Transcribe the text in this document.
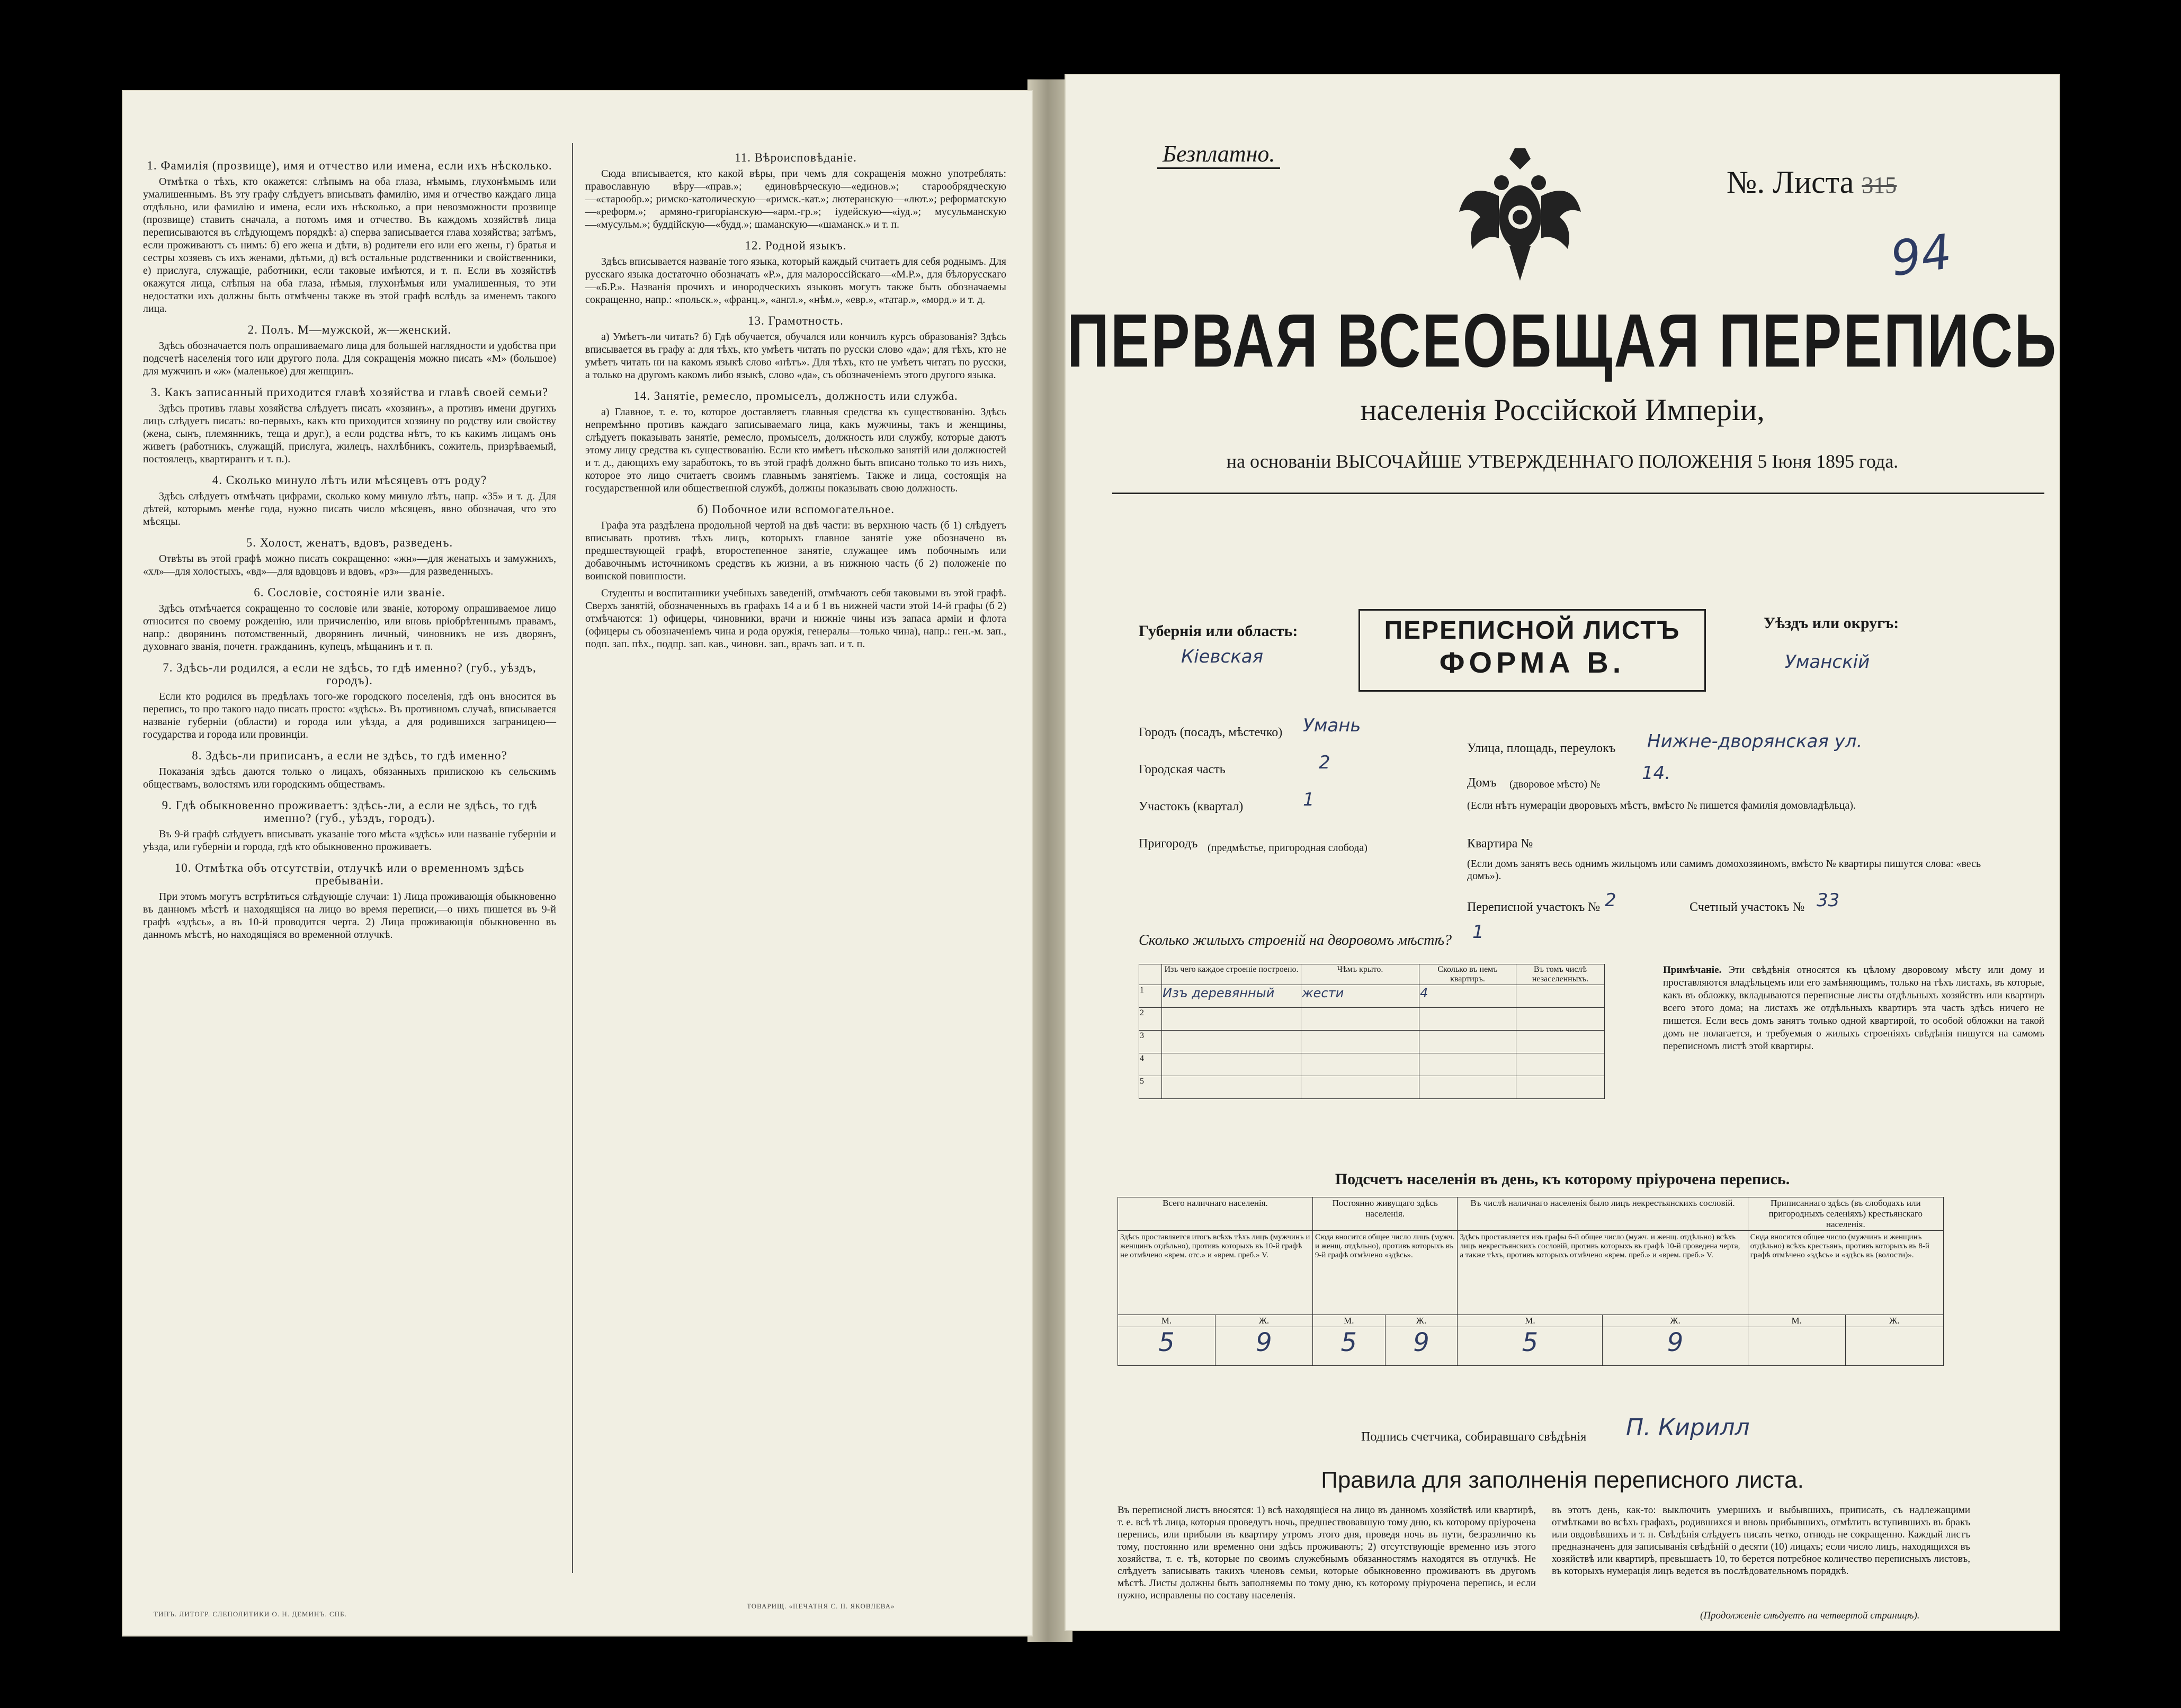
1. Фамилія (прозвище), имя и отчество или имена, если ихъ нѣсколько.

Отмѣтка о тѣхъ, кто окажется: слѣпымъ на оба глаза, нѣмымъ, глухонѣмымъ или умалишеннымъ. Въ эту графу слѣдуетъ вписывать фамилію, имя и отчество каждаго лица отдѣльно, или фамилію и имена, если ихъ нѣсколько, а при невозможности прозвище (прозвище) ставить сначала, а потомъ имя и отчество. Въ каждомъ хозяйствѣ лица переписываются въ слѣдующемъ порядкѣ: а) сперва записывается глава хозяйства; затѣмъ, если проживаютъ съ нимъ: б) его жена и дѣти, в) родители его или его жены, г) братья и сестры хозяевъ съ ихъ женами, дѣтьми, д) всѣ остальные родственники и свойственники, е) прислуга, служащіе, работники, если таковые имѣются, и т. п. Если въ хозяйствѣ окажутся лица, слѣпыя на оба глаза, нѣмыя, глухонѣмыя или умалишенныя, то эти недостатки ихъ должны быть отмѣчены также въ этой графѣ вслѣдъ за именемъ такого лица.

2. Полъ. М—мужской, ж—женский.

Здѣсь обозначается полъ опрашиваемаго лица для большей наглядности и удобства при подсчетѣ населенія того или другого пола. Для сокращенія можно писать «М» (большое) для мужчинъ и «ж» (маленькое) для женщинъ.

3. Какъ записанный приходится главѣ хозяйства и главѣ своей семьи?

Здѣсь противъ главы хозяйства слѣдуетъ писать «хозяинъ», а противъ имени другихъ лицъ слѣдуетъ писать: во-первыхъ, какъ кто приходится хозяину по родству или свойству (жена, сынъ, племянникъ, теща и друг.), а если родства нѣтъ, то къ какимъ лицамъ онъ живетъ (работникъ, служащій, прислуга, жилецъ, нахлѣбникъ, сожитель, призрѣваемый, постоялецъ, квартирантъ и т. п.).

4. Сколько минуло лѣтъ или мѣсяцевъ отъ роду?

Здѣсь слѣдуетъ отмѣчать цифрами, сколько кому минуло лѣтъ, напр. «35» и т. д. Для дѣтей, которымъ менѣе года, нужно писать число мѣсяцевъ, явно обозначая, что это мѣсяцы.

5. Холост, женатъ, вдовъ, разведенъ.

Отвѣты въ этой графѣ можно писать сокращенно: «жн»—для женатыхъ и замужнихъ, «хл»—для холостыхъ, «вд»—для вдовцовъ и вдовъ, «рз»—для разведенныхъ.

6. Сословіе, состояніе или званіе.

Здѣсь отмѣчается сокращенно то сословіе или званіе, которому опрашиваемое лицо относится по своему рожденію, или причисленію, или вновь пріобрѣтеннымъ правамъ, напр.: дворянинъ потомственный, дворянинъ личный, чиновникъ не изъ дворянъ, духовнаго званія, почетн. гражданинъ, купецъ, мѣщанинъ и т. п.

7. Здѣсь-ли родился, а если не здѣсь, то гдѣ именно? (губ., уѣздъ, городъ).

Если кто родился въ предѣлахъ того-же городского поселенія, гдѣ онъ вносится въ перепись, то про такого надо писать просто: «здѣсь». Въ противномъ случаѣ, вписывается названіе губерніи (области) и города или уѣзда, а для родившихся заграницею—государства и города или провинціи.

8. Здѣсь-ли приписанъ, а если не здѣсь, то гдѣ именно?

Показанія здѣсь даются только о лицахъ, обязанныхъ припискою къ сельскимъ обществамъ, волостямъ или городскимъ обществамъ.

9. Гдѣ обыкновенно проживаетъ: здѣсь-ли, а если не здѣсь, то гдѣ именно? (губ., уѣздъ, городъ).

Въ 9-й графѣ слѣдуетъ вписывать указаніе того мѣста «здѣсь» или названіе губерніи и уѣзда, или губерніи и города, гдѣ кто обыкновенно проживаетъ.

10. Отмѣтка объ отсутствіи, отлучкѣ или о временномъ здѣсь пребываніи.

При этомъ могутъ встрѣтиться слѣдующіе случаи: 1) Лица проживающія обыкновенно въ данномъ мѣстѣ и находящіяся на лицо во время переписи,—о нихъ пишется въ 9-й графѣ «здѣсь», а въ 10-й проводится черта. 2) Лица проживающія обыкновенно въ данномъ мѣстѣ, но находящіяся во временной отлучкѣ.

11. Вѣроисповѣданіе.

Сюда вписывается, кто какой вѣры, при чемъ для сокращенія можно употреблять: православную вѣру—«прав.»; единовѣрческую—«единов.»; старообрядческую—«старообр.»; римско-католическую—«римск.-кат.»; лютеранскую—«лют.»; реформатскую—«реформ.»; армяно-григоріанскую—«арм.-гр.»; іудейскую—«іуд.»; мусульманскую—«мусульм.»; буддійскую—«будд.»; шаманскую—«шаманск.» и т. п.

12. Родной языкъ.

Здѣсь вписывается названіе того языка, который каждый считаетъ для себя роднымъ. Для русскаго языка достаточно обозначать «Р.», для малороссійскаго—«М.Р.», для бѣлорусскаго—«Б.Р.». Названія прочихъ и инородческихъ языковъ могутъ также быть обозначаемы сокращенно, напр.: «польск.», «франц.», «англ.», «нѣм.», «евр.», «татар.», «морд.» и т. д.

13. Грамотность.

а) Умѣетъ-ли читать? б) Гдѣ обучается, обучался или кончилъ курсъ образованія? Здѣсь вписывается въ графу а: для тѣхъ, кто умѣетъ читать по русски слово «да»; для тѣхъ, кто не умѣетъ читать ни на какомъ языкѣ слово «нѣтъ». Для тѣхъ, кто не умѣетъ читать по русски, а только на другомъ какомъ либо языкѣ, слово «да», съ обозначеніемъ этого другого языка.

14. Занятіе, ремесло, промыселъ, должность или служба.

а) Главное, т. е. то, которое доставляетъ главныя средства къ существованію. Здѣсь непремѣнно противъ каждаго записываемаго лица, какъ мужчины, такъ и женщины, слѣдуетъ показывать занятіе, ремесло, промыселъ, должность или службу, которые даютъ этому лицу средства къ существованію. Если кто имѣетъ нѣсколько занятій или должностей и т. д., дающихъ ему заработокъ, то въ этой графѣ должно быть вписано только то изъ нихъ, которое это лицо считаетъ своимъ главнымъ занятіемъ. Также и лица, состоящія на государственной или общественной службѣ, должны показывать свою должность.

б) Побочное или вспомогательное.

Графа эта раздѣлена продольной чертой на двѣ части: въ верхнюю часть (б 1) слѣдуетъ вписывать противъ тѣхъ лицъ, которыхъ главное занятіе уже обозначено въ предшествующей графѣ, второстепенное занятіе, служащее имъ побочнымъ или добавочнымъ источникомъ средствъ къ жизни, а въ нижнюю часть (б 2) положеніе по воинской повинности.

Студенты и воспитанники учебныхъ заведеній, отмѣчаютъ себя таковыми въ этой графѣ. Сверхъ занятій, обозначенныхъ въ графахъ 14 а и б 1 въ нижней части этой 14-й графы (б 2) отмѣчаются: 1) офицеры, чиновники, врачи и нижніе чины изъ запаса арміи и флота (офицеры съ обозначеніемъ чина и рода оружія, генералы—только чина), напр.: ген.-м. зап., подп. зап. пѣх., подпр. зап. кав., чиновн. зап., врачъ зап. и т. п.

ТИПЪ. ЛИТОГР. СЛЕПОЛИТИКИ О. Н. ДЕМИНЪ. СПБ.
ТОВАРИЩ. «ПЕЧАТНЯ С. П. ЯКОВЛЕВА»
Безплатно.
№. Листа 315
94
ПЕРВАЯ ВСЕОБЩАЯ ПЕРЕПИСЬ
населенія Россійской Имперіи,
на основаніи ВЫСОЧАЙШЕ УТВЕРЖДЕННАГО ПОЛОЖЕНІЯ 5 Іюня 1895 года.
Губернія или область:
Кіевская
ПЕРЕПИСНОЙ ЛИСТЪ
ФОРМА В.
Уѣздъ или округъ:
Уманскій
Городъ (посадъ, мѣстечко) Умань
Городская часть	2
Участокъ (квартал)	1
Пригородъ (предмѣстье, пригородная слобода)
Улица, площадь, переулокъ Нижне-дворянская ул.
Домъ (дворовое мѣсто) №
14.
(Если нѣтъ нумераціи дворовыхъ мѣстъ, вмѣсто № пишется фамилія домовладѣльца).
Квартира №
(Если домъ занятъ весь однимъ жильцомъ или самимъ домохозяиномъ, вмѣсто № квартиры пишутся слова: «весь домъ»).
Переписной участокъ № 2	Счетный участокъ № 33
Сколько жилыхъ строеній на дворовомъ мѣстѣ? 1
	Изъ чего каждое строеніе построено.	Чѣмъ крыто.	Сколько въ немъ квартиръ.	Въ томъ числѣ незаселенныхъ.
1	Изъ деревянный	жести	4	
2				
3				
4				
5				
Примѣчаніе. Эти свѣдѣнія относятся къ цѣлому дворовому мѣсту или дому и проставляются владѣльцемъ или его замѣняющимъ, только на тѣхъ листахъ, въ которые, какъ въ обложку, вкладываются переписные листы отдѣльныхъ хозяйствъ или квартиръ всего этого дома; на листахъ же отдѣльныхъ квартиръ эта часть здѣсь ничего не пишется. Если весь домъ занятъ только одной квартирой, то особой обложки на такой домъ не полагается, и требуемыя о жилыхъ строеніяхъ свѣдѣнія пишутся на самомъ переписномъ листѣ этой квартиры.
Подсчетъ населенія въ день, къ которому пріурочена перепись.
Всего наличнаго населенія.		Постоянно живущаго здѣсь населенія.		Въ числѣ наличнаго населенія было лицъ некрестьянскихъ сословій.		Приписаннаго здѣсь (въ слободахъ или пригородныхъ селеніяхъ) крестьянскаго населенія.	
Здѣсь проставляется итогъ всѣхъ тѣхъ лицъ (мужчинъ и женщинъ отдѣльно), противъ которыхъ въ 10-й графѣ не отмѣчено «врем. отс.» и «врем. преб.» V.		Сюда вносится общее число лицъ (мужч. и женщ. отдѣльно), противъ которыхъ въ 9-й графѣ отмѣчено «здѣсь».		Здѣсь проставляется изъ графы 6-й общее число (мужч. и женщ. отдѣльно) всѣхъ лицъ некрестьянскихъ сословій, противъ которыхъ въ графѣ 10-й проведена черта, а также тѣхъ, противъ которыхъ отмѣчено «врем. преб.» и «врем. преб.» V.		Сюда вносится общее число (мужчинъ и женщинъ отдѣльно) всѣхъ крестьянъ, противъ которыхъ въ 8-й графѣ отмѣчено «здѣсь» и «здѣсь въ (волости)».	
М.	Ж.	М.	Ж.	М.	Ж.	М.	Ж.
5	9	5	9	5	9		
Подпись счетчика, собиравшаго свѣдѣнія П. Кирилл
Правила для заполненія переписного листа.
Въ переписной листъ вносятся: 1) всѣ находящіеся на лицо въ данномъ хозяйствѣ или квартирѣ, т. е. всѣ тѣ лица, которыя проведутъ ночь, предшествовавшую тому дню, къ которому пріурочена перепись, или прибыли въ квартиру утромъ этого дня, проведя ночь въ пути, безразлично къ тому, постоянно или временно они здѣсь проживаютъ; 2) отсутствующіе временно изъ этого хозяйства, т. е. тѣ, которые по своимъ служебнымъ обязанностямъ находятся въ отлучкѣ. Не слѣдуетъ записывать такихъ членовъ семьи, которые обыкновенно проживаютъ въ другомъ мѣстѣ. Листы должны быть заполняемы по тому дню, къ которому пріурочена перепись, и если нужно, исправлены по составу населенія.
въ этотъ день, как-то: выключить умершихъ и выбывшихъ, приписать, съ надлежащими отмѣтками во всѣхъ графахъ, родившихся и вновь прибывшихъ, отмѣтить вступившихъ въ бракъ или овдовѣвшихъ и т. п. Свѣдѣнія слѣдуетъ писать четко, отнюдь не сокращенно. Каждый листъ предназначенъ для записыванія свѣдѣній о десяти (10) лицахъ; если число лицъ, находящихся въ хозяйствѣ или квартирѣ, превышаетъ 10, то берется потребное количество переписныхъ листовъ, въ которыхъ нумерація лицъ ведется въ послѣдовательномъ порядкѣ.
(Продолженіе слѣдуетъ на четвертой страницѣ).
